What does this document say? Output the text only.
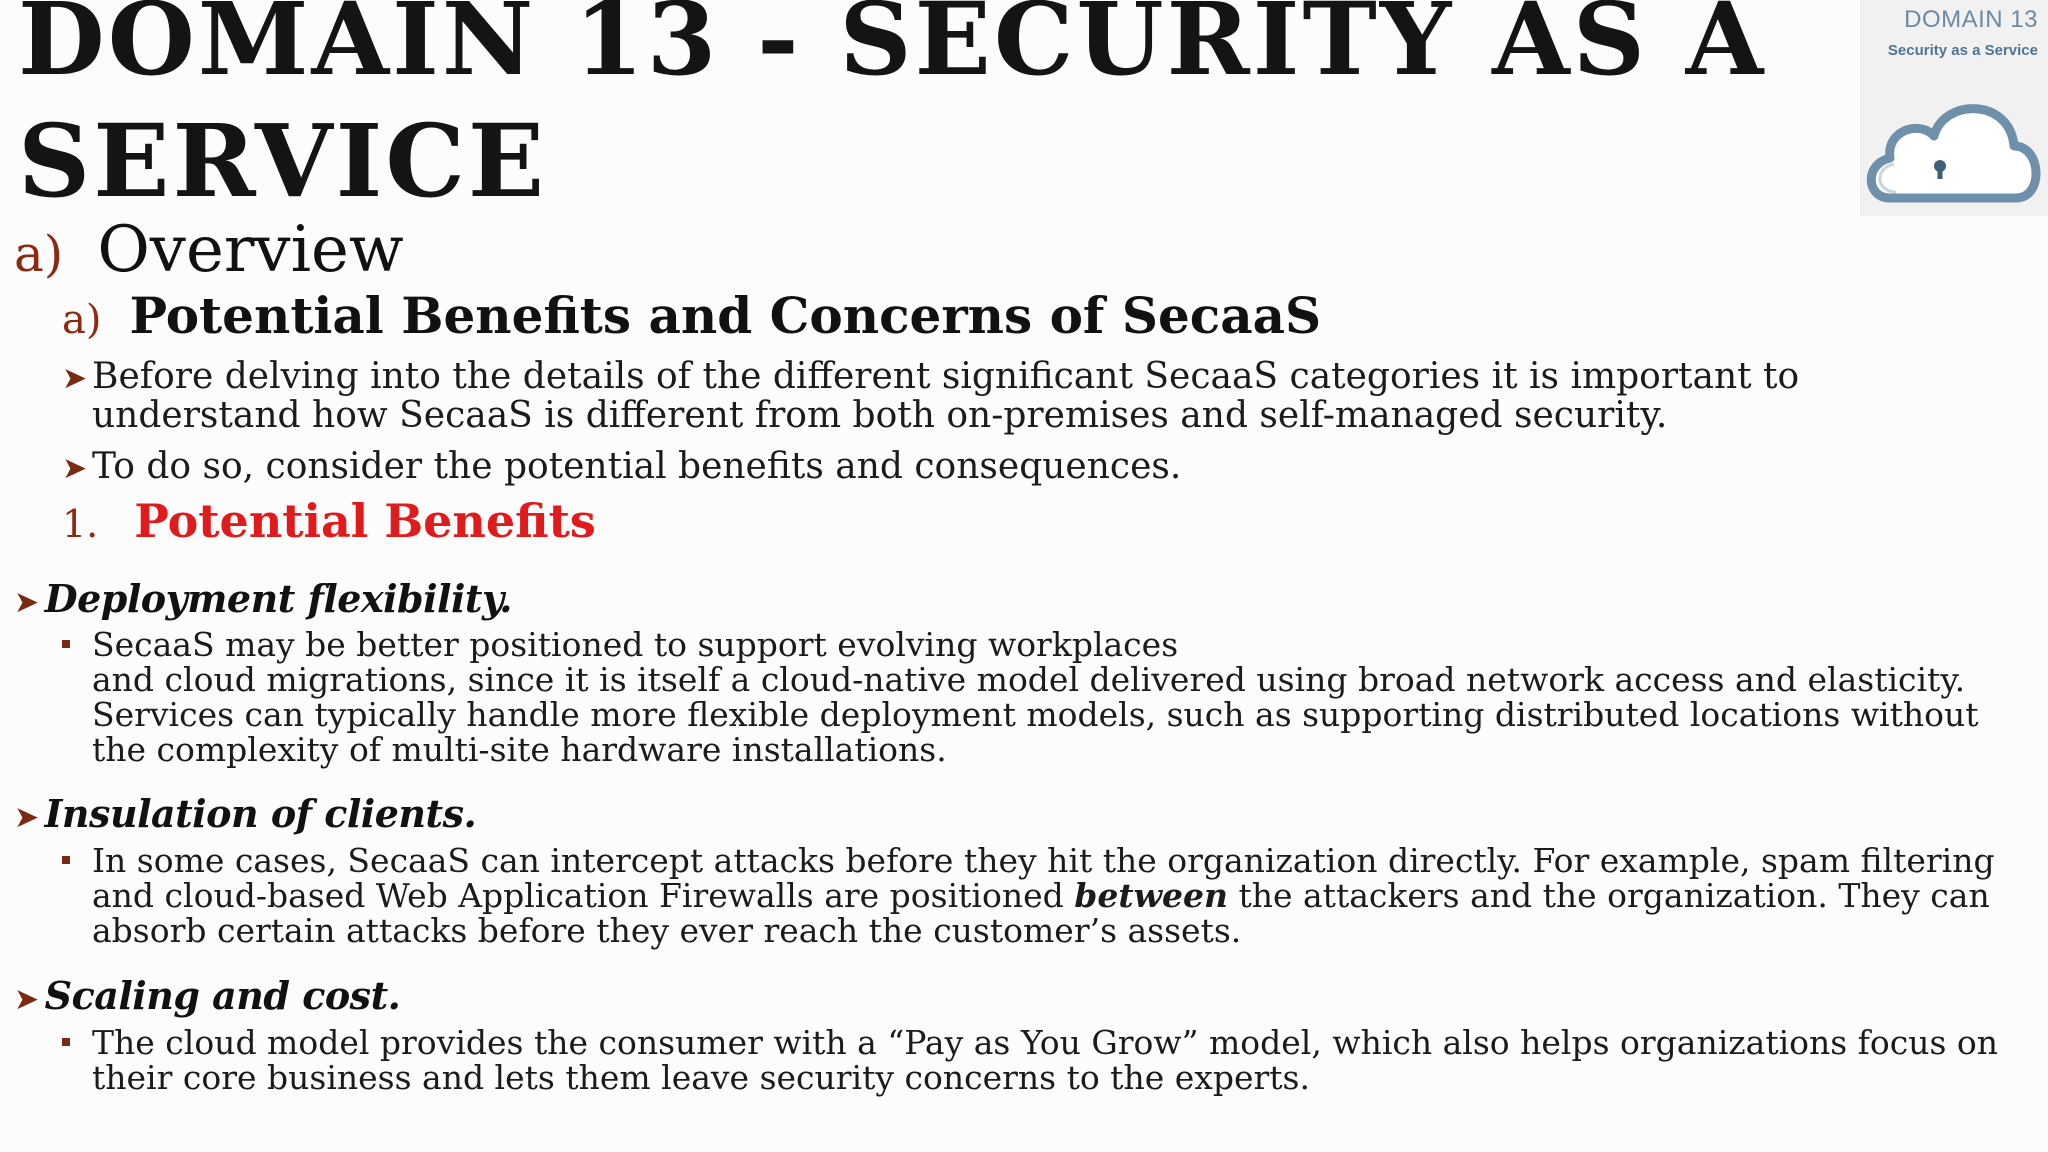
DOMAIN 13 - SECURITY AS A
SERVICE
DOMAIN 13
Security as a Service
a) Overview
a) Potential Benefits and Concerns of SecaaS
➤ Before delving into the details of the different significant SecaaS categories it is important to
understand how SecaaS is different from both on-premises and self-managed security.
➤ To do so, consider the potential benefits and consequences.
1. Potential Benefits
➤ Deployment flexibility.
SecaaS may be better positioned to support evolving workplaces
and cloud migrations, since it is itself a cloud-native model delivered using broad network access and elasticity.
Services can typically handle more flexible deployment models, such as supporting distributed locations without
the complexity of multi-site hardware installations.
➤ Insulation of clients.
In some cases, SecaaS can intercept attacks before they hit the organization directly. For example, spam filtering
and cloud-based Web Application Firewalls are positioned between the attackers and the organization. They can
absorb certain attacks before they ever reach the customer’s assets.
➤ Scaling and cost.
The cloud model provides the consumer with a “Pay as You Grow” model, which also helps organizations focus on
their core business and lets them leave security concerns to the experts.
